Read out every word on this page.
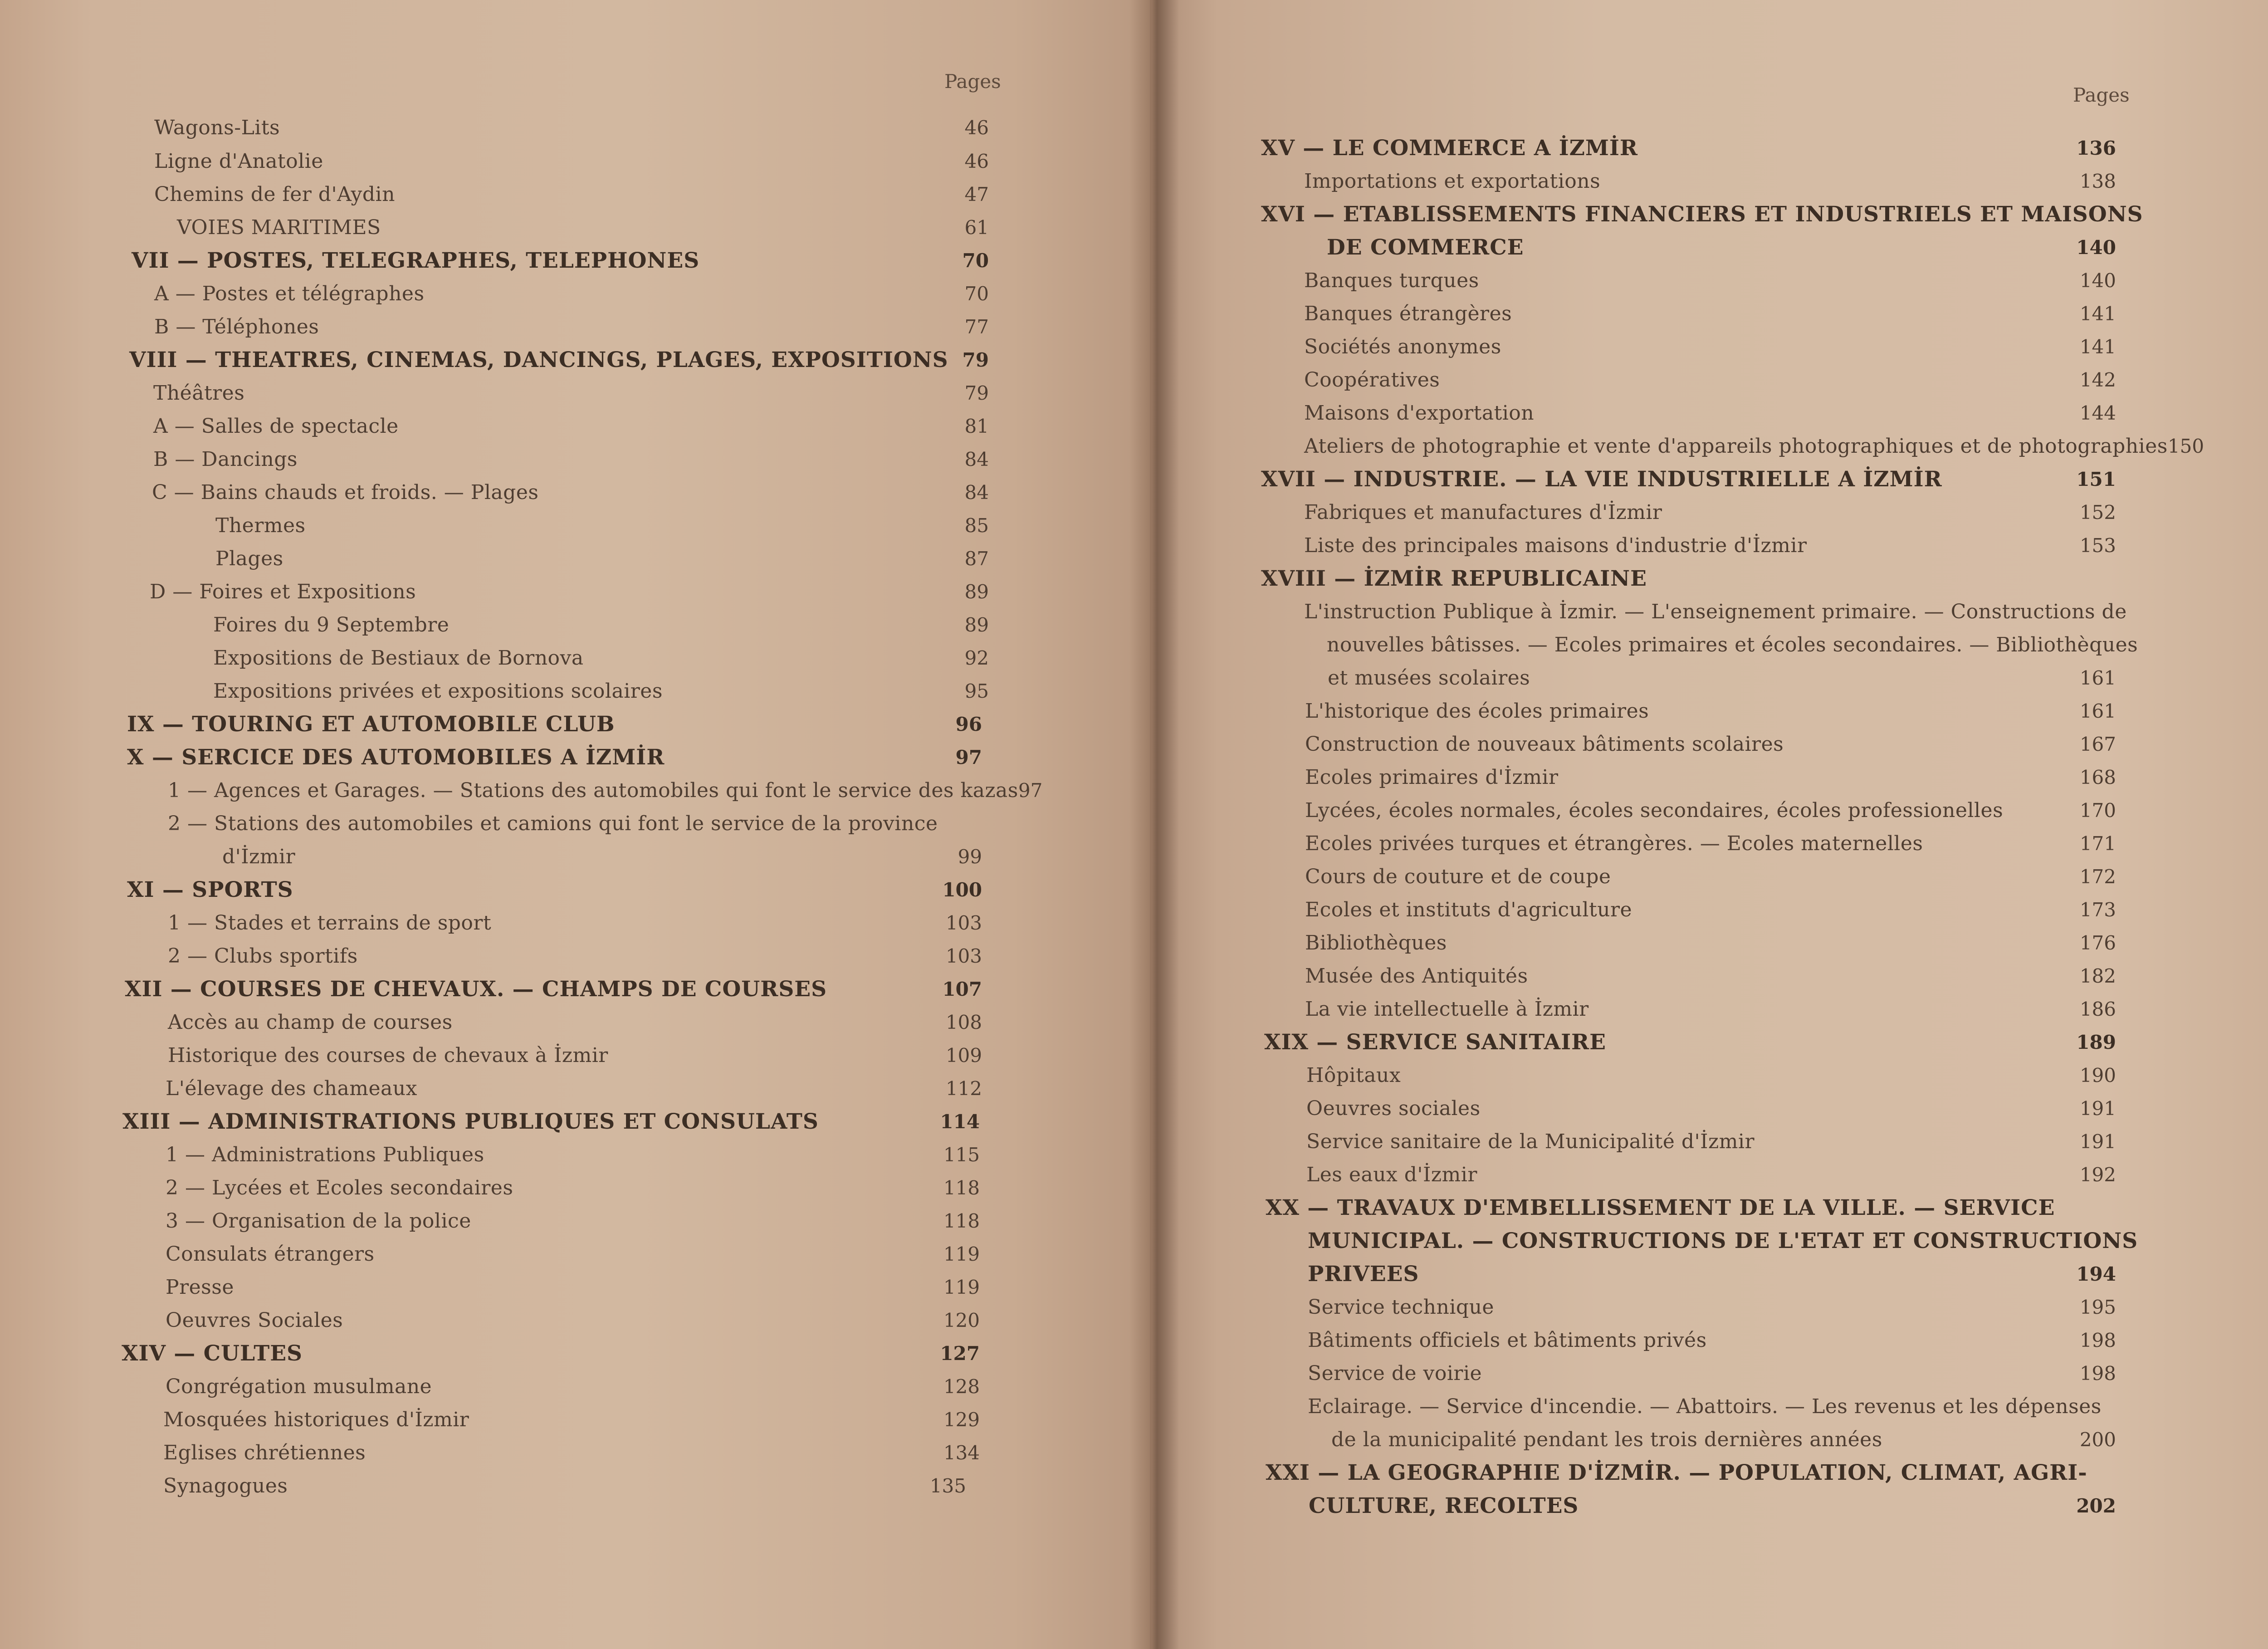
Pages
Wagons-Lits	46
Ligne d'Anatolie	46
Chemins de fer d'Aydin	47
VOIES MARITIMES	61
VII — POSTES, TELEGRAPHES, TELEPHONES	70
A — Postes et télégraphes	70
B — Téléphones	77
VIII — THEATRES, CINEMAS, DANCINGS, PLAGES, EXPOSITIONS 79
Théâtres	79
A — Salles de spectacle	81
B — Dancings	84
C — Bains chauds et froids. — Plages	84
Thermes	85
Plages	87
D — Foires et Expositions	89
Foires du 9 Septembre	89
Expositions de Bestiaux de Bornova	92
Expositions privées et expositions scolaires	95
IX — TOURING ET AUTOMOBILE CLUB	96
X — SERCICE DES AUTOMOBILES A İZMİR	97
1 — Agences et Garages. — Stations des automobiles qui font le service des kazas 97
2 — Stations des automobiles et camions qui font le service de la province
d'İzmir	99
XI — SPORTS	100
1 — Stades et terrains de sport	103
2 — Clubs sportifs	103
XII — COURSES DE CHEVAUX. — CHAMPS DE COURSES	107
Accès au champ de courses	108
Historique des courses de chevaux à İzmir	109
L'élevage des chameaux	112
XIII — ADMINISTRATIONS PUBLIQUES ET CONSULATS	114
1 — Administrations Publiques	115
2 — Lycées et Ecoles secondaires	118
3 — Organisation de la police	118
Consulats étrangers	119
Presse	119
Oeuvres Sociales	120
XIV — CULTES	127
Congrégation musulmane	128
Mosquées historiques d'İzmir	129
Eglises chrétiennes	134
Synagogues	135
Pages
XV — LE COMMERCE A İZMİR	136
Importations et exportations	138
XVI — ETABLISSEMENTS FINANCIERS ET INDUSTRIELS ET MAISONS
DE COMMERCE	140
Banques turques	140
Banques étrangères	141
Sociétés anonymes	141
Coopératives	142
Maisons d'exportation	144
Ateliers de photographie et vente d'appareils photographiques et de photographies 150
XVII — INDUSTRIE. — LA VIE INDUSTRIELLE A İZMİR	151
Fabriques et manufactures d'İzmir	152
Liste des principales maisons d'industrie d'İzmir	153
XVIII — İZMİR REPUBLICAINE
L'instruction Publique à İzmir. — L'enseignement primaire. — Constructions de
nouvelles bâtisses. — Ecoles primaires et écoles secondaires. — Bibliothèques
et musées scolaires	161
L'historique des écoles primaires	161
Construction de nouveaux bâtiments scolaires	167
Ecoles primaires d'İzmir	168
Lycées, écoles normales, écoles secondaires, écoles professionelles	170
Ecoles privées turques et étrangères. — Ecoles maternelles	171
Cours de couture et de coupe	172
Ecoles et instituts d'agriculture	173
Bibliothèques	176
Musée des Antiquités	182
La vie intellectuelle à İzmir	186
XIX — SERVICE SANITAIRE	189
Hôpitaux	190
Oeuvres sociales	191
Service sanitaire de la Municipalité d'İzmir	191
Les eaux d'İzmir	192
XX — TRAVAUX D'EMBELLISSEMENT DE LA VILLE. — SERVICE
MUNICIPAL. — CONSTRUCTIONS DE L'ETAT ET CONSTRUCTIONS
PRIVEES	194
Service technique	195
Bâtiments officiels et bâtiments privés	198
Service de voirie	198
Eclairage. — Service d'incendie. — Abattoirs. — Les revenus et les dépenses
de la municipalité pendant les trois dernières années	200
XXI — LA GEOGRAPHIE D'İZMİR. — POPULATION, CLIMAT, AGRI-
CULTURE, RECOLTES	202
